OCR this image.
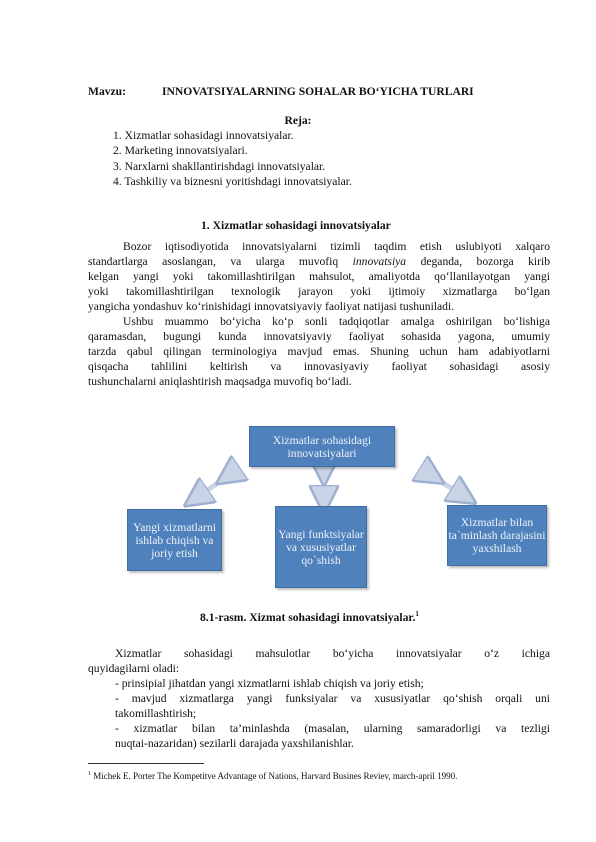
Mavzu:	INNOVATSIYALARNING SOHALAR BO‘YICHA TURLARI
Reja:
1. Xizmatlar sohasidagi innovatsiyalar.
2. Marketing innovatsiyalari.
3. Narxlarni shakllantirishdagi innovatsiyalar.
4. Tashkiliy va biznesni yoritishdagi innovatsiyalar.
1. Xizmatlar sohasidagi innovatsiyalar
Bozor iqtisodiyotida innovatsiyalarni tizimli taqdim etish uslubiyoti xalqaro
standartlarga asoslangan, va ularga muvofiq innovatsiya deganda, bozorga kirib
kelgan yangi yoki takomillashtirilgan mahsulot, amaliyotda qo‘llanilayotgan yangi
yoki takomillashtirilgan texnologik jarayon yoki ijtimoiy xizmatlarga bo‘lgan
yangicha yondashuv ko‘rinishidagi innovatsiyaviy faoliyat natijasi tushuniladi.
Ushbu muammo bo‘yicha ko‘p sonli tadqiqotlar amalga oshirilgan bo‘lishiga
qaramasdan, bugungi kunda innovatsiyaviy faoliyat sohasida yagona, umumiy
tarzda qabul qilingan terminologiya mavjud emas. Shuning uchun ham adabiyotlarni
qisqacha tahlilini keltirish va innovasiyaviy faoliyat sohasidagi asosiy
tushunchalarni aniqlashtirish maqsadga muvofiq bo‘ladi.
Xizmatlar sohasidagi innovatsiyalari
Yangi xizmatlarni ishlab chiqish va joriy etish
Yangi funktsiyalar va xususiyatlar qo`shish
Xizmatlar bilan ta`minlash darajasini yaxshilash
8.1-rasm. Xizmat sohasidagi innovatsiyalar.$^1$
Xizmatlar sohasidagi mahsulotlar bo‘yicha innovatsiyalar o‘z ichiga
quyidagilarni oladi:
- prinsipial jihatdan yangi xizmatlarni ishlab chiqish va joriy etish;
- mavjud xizmatlarga yangi funksiyalar va xususiyatlar qo‘shish orqali uni
takomillashtirish;
- xizmatlar bilan ta’minlashda (masalan, ularning samaradorligi va tezligi
nuqtai-nazaridan) sezilarli darajada yaxshilanishlar.
$^1$ Michek E. Porter The Kompetitve Advantage of Nations, Harvard Busines Reviev, march-april 1990.
